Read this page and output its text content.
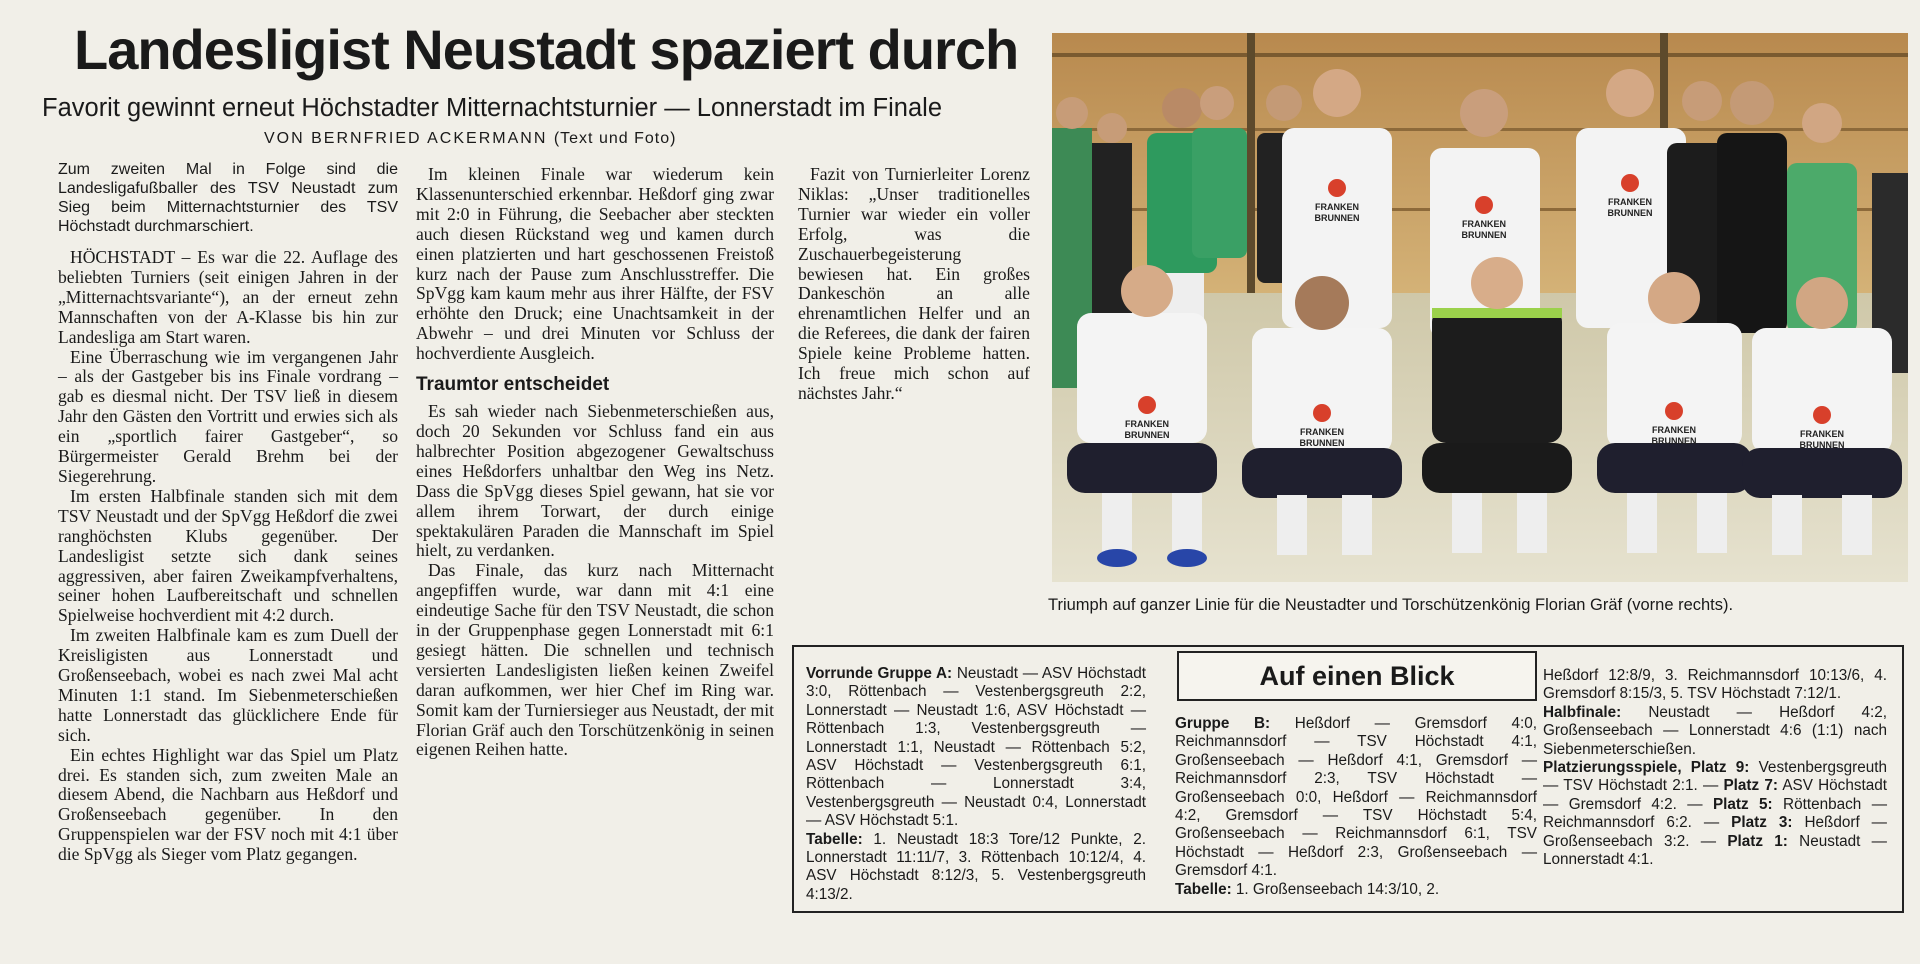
Landesligist Neustadt spaziert durch
Favorit gewinnt erneut Höchstadter Mitternachtsturnier — Lonnerstadt im Finale
VON BERNFRIED ACKERMANN (Text und Foto)

Zum zweiten Mal in Folge sind die Landesligafußballer des TSV Neustadt zum Sieg beim Mitternachtsturnier des TSV Höchstadt durchmarschiert.

HÖCHSTADT – Es war die 22. Auflage des beliebten Turniers (seit einigen Jahren in der „Mitternachtsvariante“), an der erneut zehn Mannschaften von der A-Klasse bis hin zur Landesliga am Start waren.

Eine Überraschung wie im vergangenen Jahr – als der Gastgeber bis ins Finale vordrang – gab es diesmal nicht. Der TSV ließ in diesem Jahr den Gästen den Vortritt und erwies sich als ein „sportlich fairer Gastgeber“, so Bürgermeister Gerald Brehm bei der Siegerehrung.

Im ersten Halbfinale standen sich mit dem TSV Neustadt und der SpVgg Heßdorf die zwei ranghöchsten Klubs gegenüber. Der Landesligist setzte sich dank seines aggressiven, aber fairen Zweikampfverhaltens, seiner hohen Laufbereitschaft und schnellen Spielweise hochverdient mit 4:2 durch.

Im zweiten Halbfinale kam es zum Duell der Kreisligisten aus Lonnerstadt und Großenseebach, wobei es nach zwei Mal acht Minuten 1:1 stand. Im Siebenmeterschießen hatte Lonnerstadt das glücklichere Ende für sich.

Ein echtes Highlight war das Spiel um Platz drei. Es standen sich, zum zweiten Male an diesem Abend, die Nachbarn aus Heßdorf und Großenseebach gegenüber. In den Gruppenspielen war der FSV noch mit 4:1 über die SpVgg als Sieger vom Platz gegangen.

Im kleinen Finale war wiederum kein Klassenunterschied erkennbar. Heßdorf ging zwar mit 2:0 in Führung, die Seebacher aber steckten auch diesen Rückstand weg und kamen durch einen platzierten und hart geschossenen Freistoß kurz nach der Pause zum Anschlusstreffer. Die SpVgg kam kaum mehr aus ihrer Hälfte, der FSV erhöhte den Druck; eine Unachtsamkeit in der Abwehr – und drei Minuten vor Schluss der hochverdiente Ausgleich.

Traumtor entscheidet

Es sah wieder nach Siebenmeterschießen aus, doch 20 Sekunden vor Schluss fand ein aus halbrechter Position abgezogener Gewaltschuss eines Heßdorfers unhaltbar den Weg ins Netz. Dass die SpVgg dieses Spiel gewann, hat sie vor allem ihrem Torwart, der durch einige spektakulären Paraden die Mannschaft im Spiel hielt, zu verdanken.

Das Finale, das kurz nach Mitternacht angepfiffen wurde, war dann mit 4:1 eine eindeutige Sache für den TSV Neustadt, die schon in der Gruppenphase gegen Lonnerstadt mit 6:1 gesiegt hätten. Die schnellen und technisch versierten Landesligisten ließen keinen Zweifel daran aufkommen, wer hier Chef im Ring war. Somit kam der Turniersieger aus Neustadt, der mit Florian Gräf auch den Torschützenkönig in seinen eigenen Reihen hatte.

Fazit von Turnierleiter Lorenz Niklas: „Unser traditionelles Turnier war wieder ein voller Erfolg, was die Zuschauerbegeisterung bewiesen hat. Ein großes Dankeschön an alle ehrenamtlichen Helfer und an die Referees, die dank der fairen Spiele keine Probleme hatten. Ich freue mich schon auf nächstes Jahr.“

FRANKEN
BRUNNEN
FRANKEN
BRUNNEN
FRANKEN
BRUNNEN
FRANKEN
BRUNNEN	FRANKEN
BRUNNEN
FRANKEN
BRUNNEN
FRANKEN
BRUNNEN
Triumph auf ganzer Linie für die Neustadter und Torschützenkönig Florian Gräf (vorne rechts).
Auf einen Blick

Vorrunde Gruppe A: Neustadt — ASV Höchstadt 3:0, Röttenbach — Vestenbergsgreuth 2:2, Lonnerstadt — Neustadt 1:6, ASV Höchstadt — Röttenbach 1:3, Vestenbergsgreuth — Lonnerstadt 1:1, Neustadt — Röttenbach 5:2, ASV Höchstadt — Vestenbergsgreuth 6:1, Röttenbach — Lonnerstadt 3:4, Vestenbergsgreuth — Neustadt 0:4, Lonnerstadt — ASV Höchstadt 5:1.

Tabelle: 1. Neustadt 18:3 Tore/12 Punkte, 2. Lonnerstadt 11:11/7, 3. Röttenbach 10:12/4, 4. ASV Höchstadt 8:12/3, 5. Vestenbergsgreuth 4:13/2.

Gruppe B: Heßdorf — Gremsdorf 4:0, Reichmannsdorf — TSV Höchstadt 4:1, Großenseebach — Heßdorf 4:1, Gremsdorf — Reichmannsdorf 2:3, TSV Höchstadt — Großenseebach 0:0, Heßdorf — Reichmannsdorf 4:2, Gremsdorf — TSV Höchstadt 5:4, Großenseebach — Reichmannsdorf 6:1, TSV Höchstadt — Heßdorf 2:3, Großenseebach — Gremsdorf 4:1.

Tabelle: 1. Großenseebach 14:3/10, 2.

Heßdorf 12:8/9, 3. Reichmannsdorf 10:13/6, 4. Gremsdorf 8:15/3, 5. TSV Höchstadt 7:12/1.

Halbfinale: Neustadt — Heßdorf 4:2, Großenseebach — Lonnerstadt 4:6 (1:1) nach Siebenmeterschießen.

Platzierungsspiele, Platz 9: Vestenbergsgreuth — TSV Höchstadt 2:1. — Platz 7: ASV Höchstadt — Gremsdorf 4:2. — Platz 5: Röttenbach — Reichmannsdorf 6:2. — Platz 3: Heßdorf — Großenseebach 3:2. — Platz 1: Neustadt — Lonnerstadt 4:1.
